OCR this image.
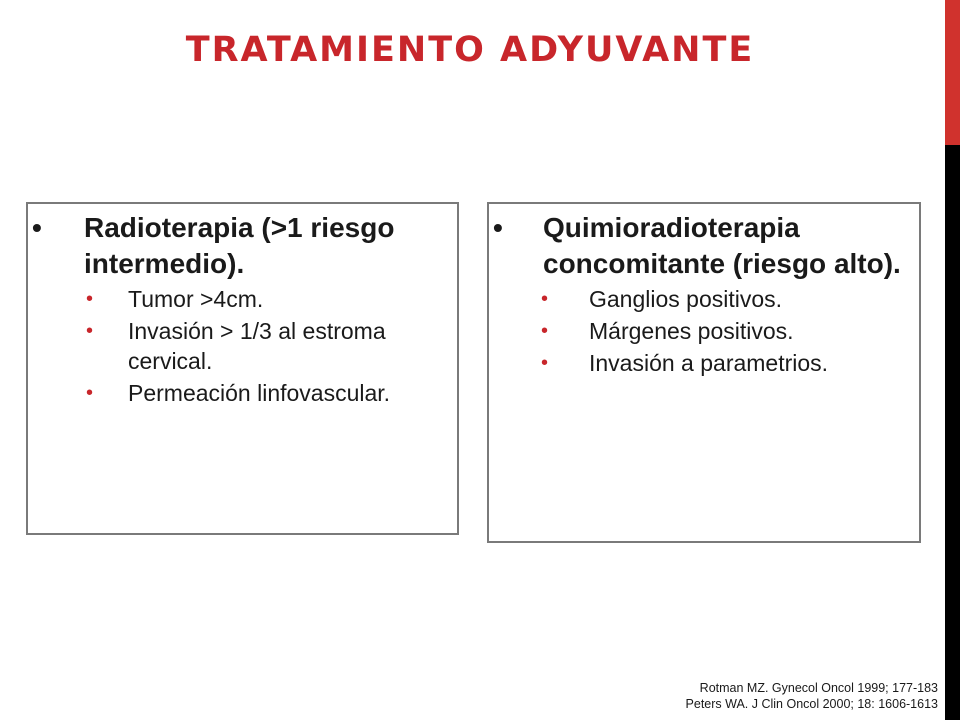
TRATAMIENTO ADYUVANTE
• Radioterapia (>1 riesgo intermedio).
• Tumor >4cm.
• Invasión > 1/3 al estroma cervical.
• Permeación linfovascular.
• Quimioradioterapia concomitante (riesgo alto).
• Ganglios positivos.
• Márgenes positivos.
• Invasión a parametrios.
Rotman MZ. Gynecol Oncol 1999; 177-183
Peters WA. J Clin Oncol 2000; 18: 1606-1613
